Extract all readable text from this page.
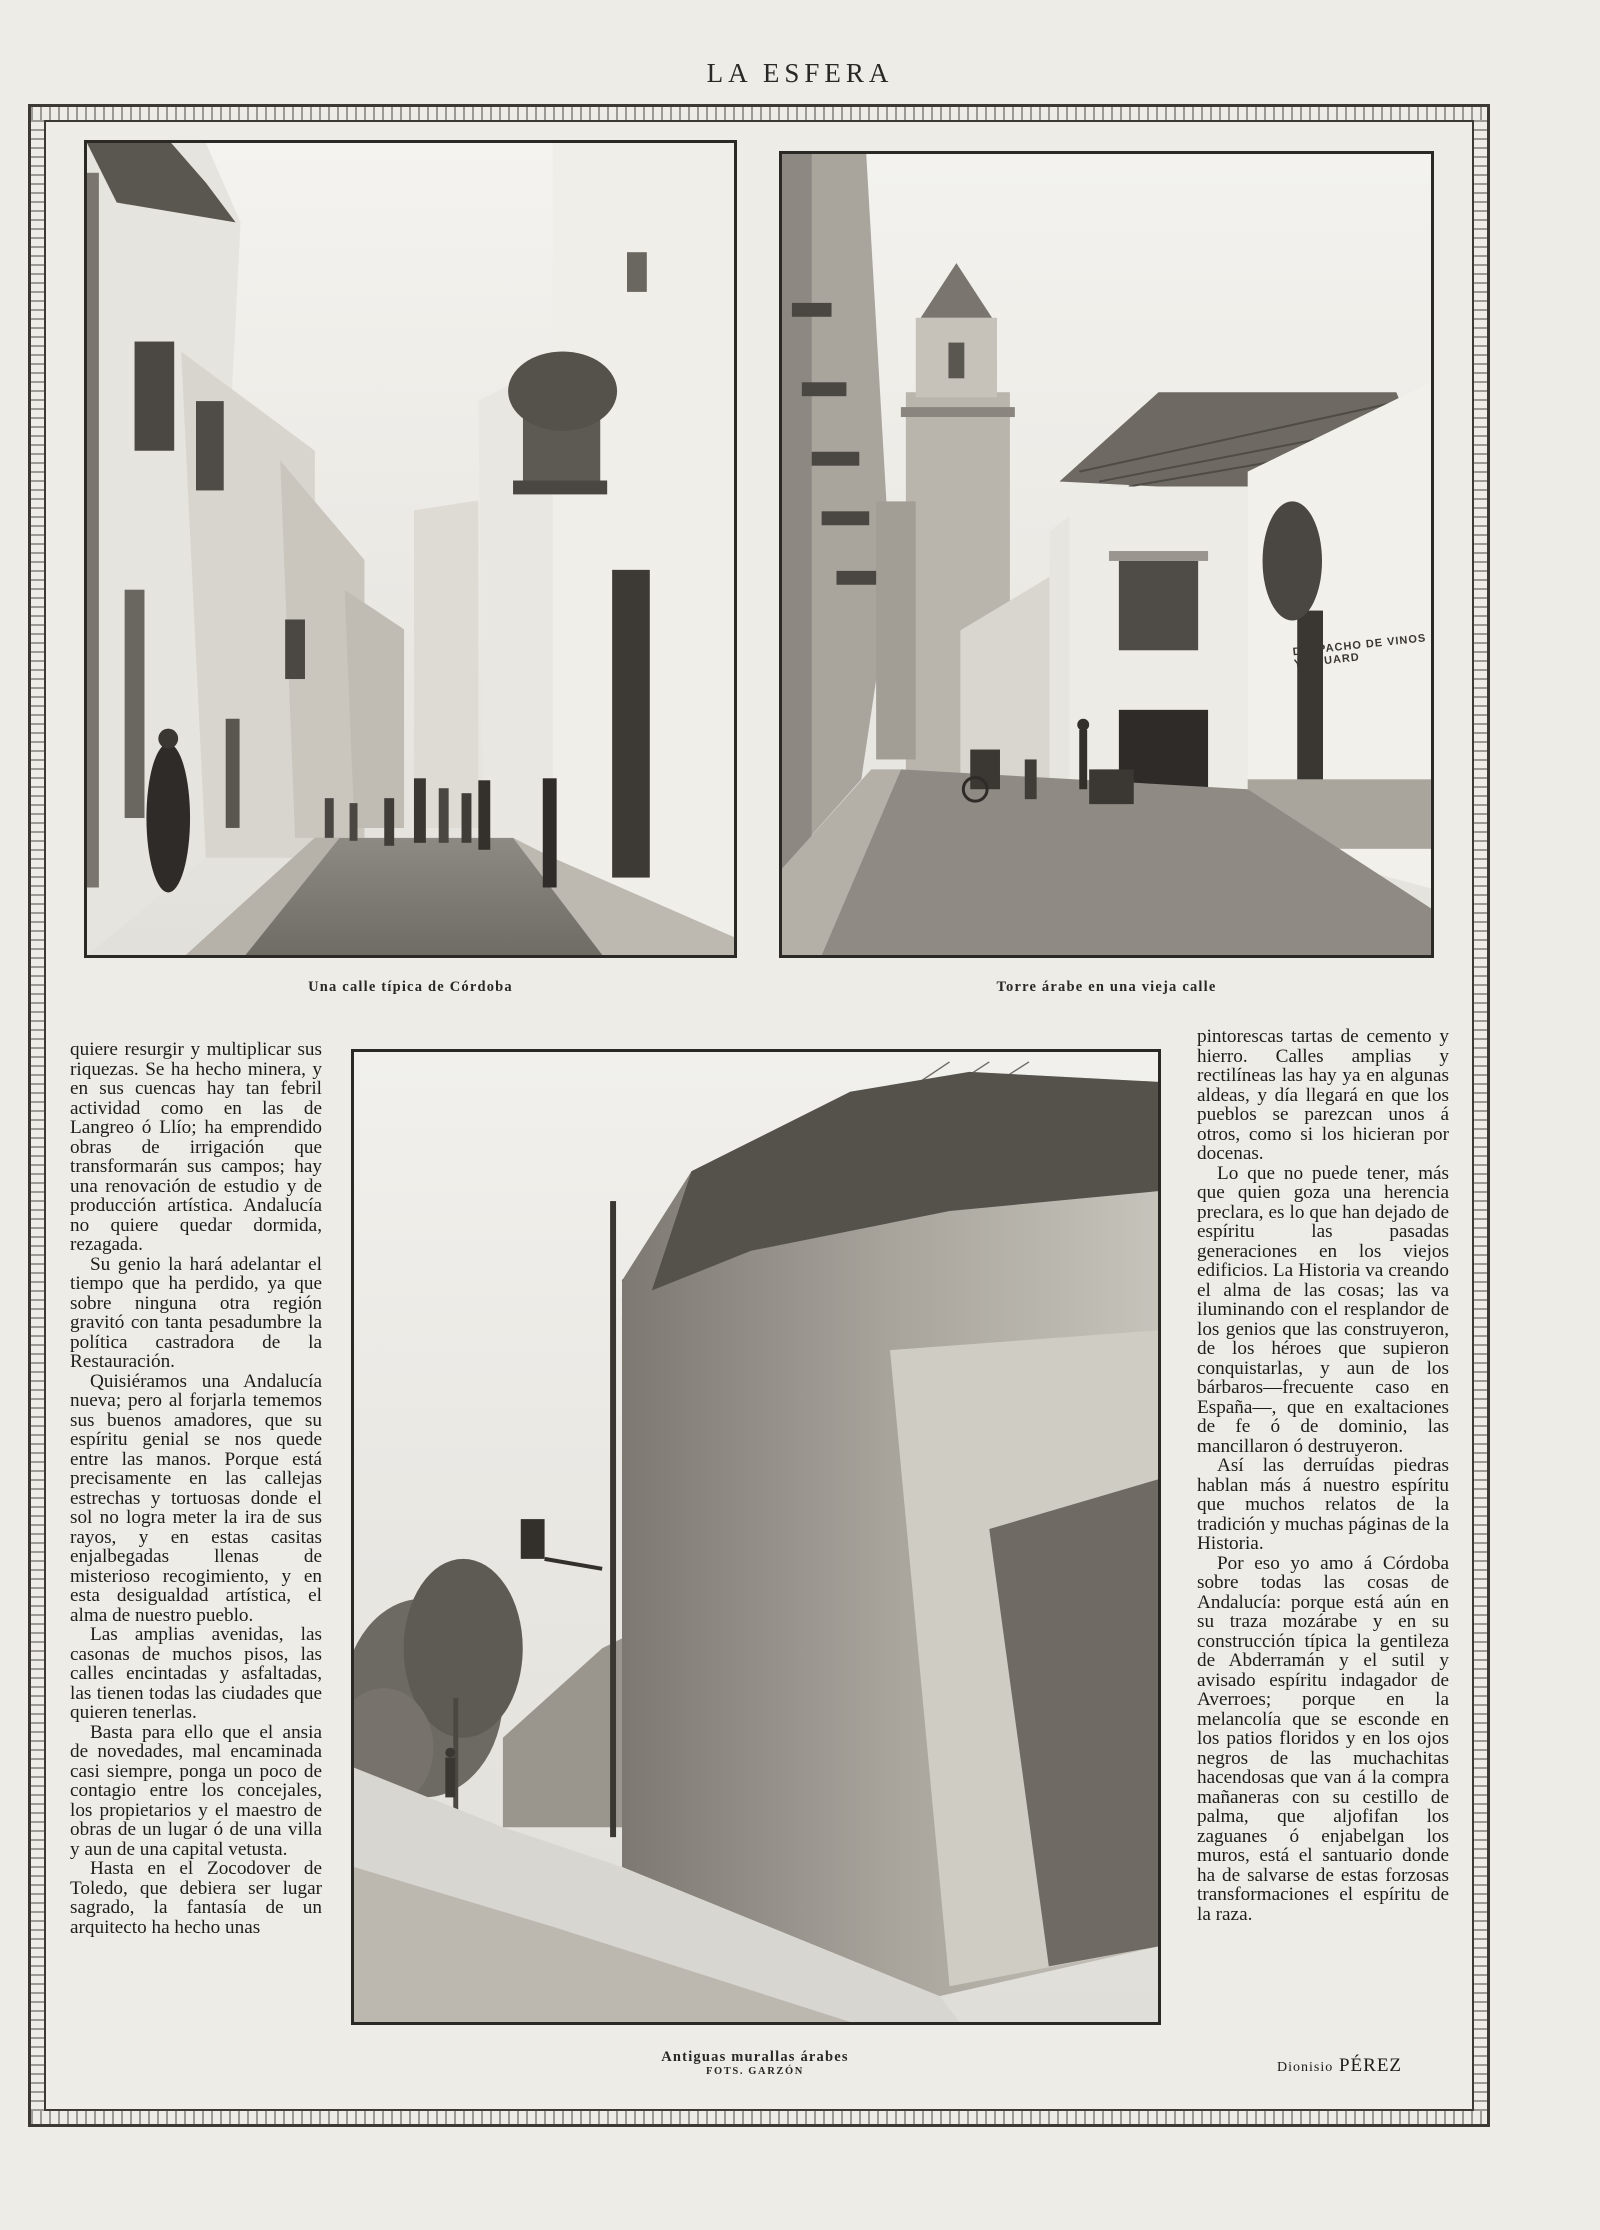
LA ESFERA
Una calle típica de Córdoba
DESPACHO DE VINOS Y AGUARD
Torre árabe en una vieja calle
Antiguas murallas árabes
FOTS. GARZÓN

quiere resurgir y multiplicar sus riquezas. Se ha hecho minera, y en sus cuencas hay tan febril actividad como en las de Langreo ó Llío; ha emprendido obras de irrigación que transformarán sus campos; hay una renovación de estudio y de producción artística. Andalucía no quiere quedar dormida, rezagada.

Su genio la hará adelantar el tiempo que ha perdido, ya que sobre ninguna otra región gravitó con tanta pesadumbre la política castradora de la Restauración.

Quisiéramos una Andalucía nueva; pero al forjarla tememos sus buenos amadores, que su espíritu genial se nos quede entre las manos. Porque está precisamente en las callejas estrechas y tortuosas donde el sol no logra meter la ira de sus rayos, y en estas casitas enjalbegadas llenas de misterioso recogimiento, y en esta desigualdad artística, el alma de nuestro pueblo.

Las amplias avenidas, las casonas de muchos pisos, las calles encintadas y asfaltadas, las tienen todas las ciudades que quieren tenerlas.

Basta para ello que el ansia de novedades, mal encaminada casi siempre, ponga un poco de contagio entre los concejales, los propietarios y el maestro de obras de un lugar ó de una villa y aun de una capital vetusta.

Hasta en el Zocodover de Toledo, que debiera ser lugar sagrado, la fantasía de un arquitecto ha hecho unas

pintorescas tartas de cemento y hierro. Calles amplias y rectilíneas las hay ya en algunas aldeas, y día llegará en que los pueblos se parezcan unos á otros, como si los hicieran por docenas.

Lo que no puede tener, más que quien goza una herencia preclara, es lo que han dejado de espíritu las pasadas generaciones en los viejos edificios. La Historia va creando el alma de las cosas; las va iluminando con el resplandor de los genios que las construyeron, de los héroes que supieron conquistarlas, y aun de los bárbaros—frecuente caso en España—, que en exaltaciones de fe ó de dominio, las mancillaron ó destruyeron.

Así las derruídas piedras hablan más á nuestro espíritu que muchos relatos de la tradición y muchas páginas de la Historia.

Por eso yo amo á Córdoba sobre todas las cosas de Andalucía: porque está aún en su traza mozárabe y en su construcción típica la gentileza de Abderramán y el sutil y avisado espíritu indagador de Averroes; porque en la melancolía que se esconde en los patios floridos y en los ojos negros de las muchachitas hacendosas que van á la compra mañaneras con su cestillo de palma, que aljofifan los zaguanes ó enjabelgan los muros, está el santuario donde ha de salvarse de estas forzosas transformaciones el espíritu de la raza.

Dionisio PÉREZ
